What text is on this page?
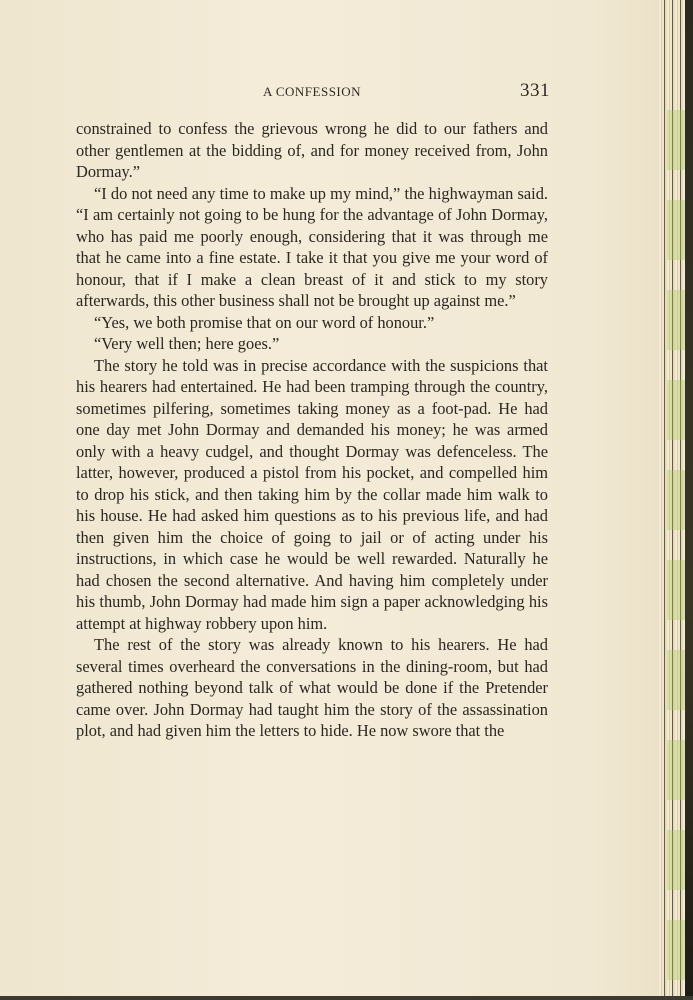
A CONFESSION	331

constrained to confess the grievous wrong he did to our fathers and other gentlemen at the bidding of, and for money received from, John Dormay.”

“I do not need any time to make up my mind,” the highwayman said. “I am certainly not going to be hung for the advantage of John Dormay, who has paid me poorly enough, considering that it was through me that he came into a fine estate. I take it that you give me your word of honour, that if I make a clean breast of it and stick to my story afterwards, this other business shall not be brought up against me.”

“Yes, we both promise that on our word of honour.”

“Very well then; here goes.”

The story he told was in precise accordance with the suspicions that his hearers had entertained. He had been tramping through the country, sometimes pilfering, sometimes taking money as a foot-pad. He had one day met John Dormay and demanded his money; he was armed only with a heavy cudgel, and thought Dormay was defenceless. The latter, however, produced a pistol from his pocket, and compelled him to drop his stick, and then taking him by the collar made him walk to his house. He had asked him questions as to his previous life, and had then given him the choice of going to jail or of acting under his instructions, in which case he would be well rewarded. Naturally he had chosen the second alternative. And having him completely under his thumb, John Dormay had made him sign a paper acknowledging his attempt at highway robbery upon him.

The rest of the story was already known to his hearers. He had several times overheard the conversations in the dining-room, but had gathered nothing beyond talk of what would be done if the Pretender came over. John Dormay had taught him the story of the assassination plot, and had given him the letters to hide. He now swore that the
